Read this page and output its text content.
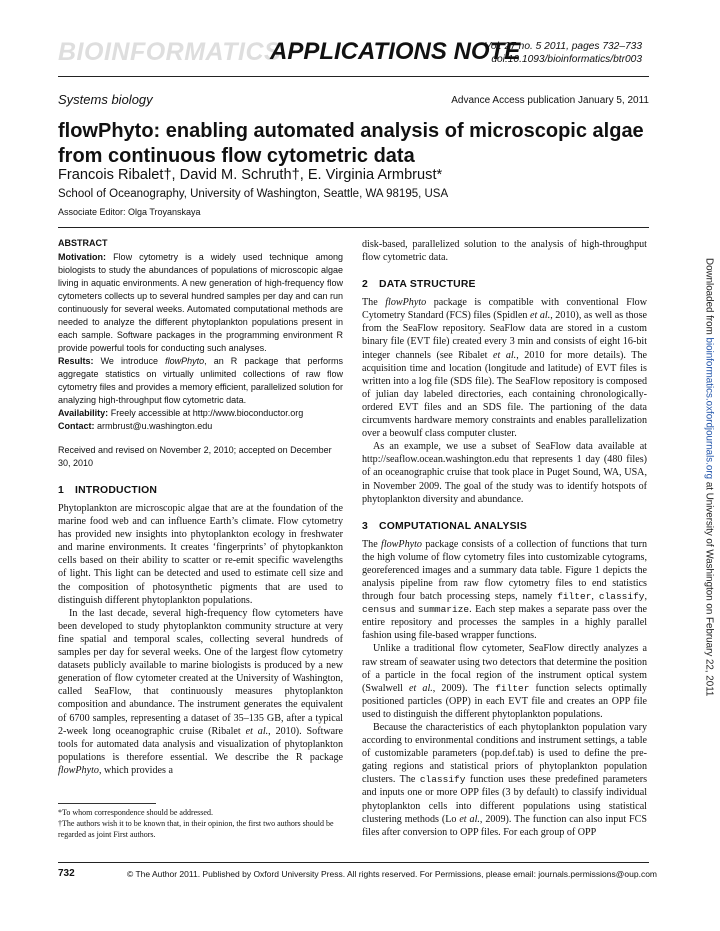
BIOINFORMATICS
APPLICATIONS NOTE
Vol. 27 no. 5 2011, pages 732–733
doi:10.1093/bioinformatics/btr003
Systems biology	Advance Access publication January 5, 2011
flowPhyto: enabling automated analysis of microscopic algae from continuous flow cytometric data
Francois Ribalet†, David M. Schruth†, E. Virginia Armbrust*
School of Oceanography, University of Washington, Seattle, WA 98195, USA
Associate Editor: Olga Troyanskaya
ABSTRACT

Motivation: Flow cytometry is a widely used technique among biologists to study the abundances of populations of microscopic algae living in aquatic environments. A new generation of high-frequency flow cytometers collects up to several hundred samples per day and can run continuously for several weeks. Automated computational methods are needed to analyze the different phytoplankton populations present in each sample. Software packages in the programming environment R provide powerful tools for conducting such analyses.

Results: We introduce flowPhyto, an R package that performs aggregate statistics on virtually unlimited collections of raw flow cytometry files and provides a memory efficient, parallelized solution for analyzing high-throughput flow cytometric data.

Availability: Freely accessible at http://www.bioconductor.org

Contact: armbrust@u.washington.edu

Received and revised on November 2, 2010; accepted on December 30, 2010
1 INTRODUCTION

Phytoplankton are microscopic algae that are at the foundation of the marine food web and can influence Earth’s climate. Flow cytometry has provided new insights into phytoplankton ecology in freshwater and marine environments. It creates ‘fingerprints’ of phytopkankton cells based on their ability to scatter or re-emit specific wavelengths of light. This light can be detected and used to estimate cell size and the composition of photosynthetic pigments that are used to distinguish different phytoplankton populations.

In the last decade, several high-frequency flow cytometers have been developed to study phytoplankton community structure at very fine spatial and temporal scales, collecting several hundreds of samples per day for several weeks. One of the largest flow cytometry datasets publicly available to marine biologists is produced by a new generation of flow cytometer created at the University of Washington, called SeaFlow, that continuously measures phytoplankton composition and abundance. The instrument generates the equivalent of 6700 samples, representing a dataset of 35–135 GB, after a typical 2-week long oceanographic cruise (Ribalet et al., 2010). Software tools for automated data analysis and visualization of phytoplankton populations is therefore essential. We describe the R package flowPhyto, which provides a

*To whom correspondence should be addressed.
†The authors wish it to be known that, in their opinion, the first two authors should be regarded as joint First authors.

disk-based, parallelized solution to the analysis of high-throughput flow cytometric data.

2 DATA STRUCTURE

The flowPhyto package is compatible with conventional Flow Cytometry Standard (FCS) files (Spidlen et al., 2010), as well as those from the SeaFlow repository. SeaFlow data are stored in a custom binary file (EVT file) created every 3 min and consists of eight 16-bit integer channels (see Ribalet et al., 2010 for more details). The acquisition time and location (longitude and latitude) of EVT files is written into a log file (SDS file). The SeaFlow repository is composed of julian day labeled directories, each containing chronologically-ordered EVT files and an SDS file. The partioning of the data circumvents hardware memory constraints and enables parallelization over a beowulf class computer cluster.

As an example, we use a subset of SeaFlow data available at http://seaflow.ocean.washington.edu that represents 1 day (480 files) of an oceanographic cruise that took place in Puget Sound, WA, USA, in November 2009. The goal of the study was to identify hotspots of phytoplankton diversity and abundance.

3 COMPUTATIONAL ANALYSIS

The flowPhyto package consists of a collection of functions that turn the high volume of flow cytometry files into customizable cytograms, georeferenced images and a summary data table. Figure 1 depicts the analysis pipeline from raw flow cytometry files to end statistics through four batch processing steps, namely filter, classify, census and summarize. Each step makes a separate pass over the entire repository and processes the samples in a highly parallel fashion using file-based wrapper functions.

Unlike a traditional flow cytometer, SeaFlow directly analyzes a raw stream of seawater using two detectors that determine the position of a particle in the focal region of the instrument optical system (Swalwell et al., 2009). The filter function selects optimally positioned particles (OPP) in each EVT file and creates an OPP file used to distinguish the different phytoplankton populations.

Because the characteristics of each phytoplankton population vary according to environmental conditions and instrument settings, a table of customizable parameters (pop.def.tab) is used to define the pre-gating regions and statistical priors of phytoplankton population clusters. The classify function uses these predefined parameters and inputs one or more OPP files (3 by default) to classify individual phytoplankton cells into different populations using statistical clustering methods (Lo et al., 2009). The function can also input FCS files after conversion to OPP files. For each group of OPP

732	© The Author 2011. Published by Oxford University Press. All rights reserved. For Permissions, please email: journals.permissions@oup.com
Downloaded from bioinformatics.oxfordjournals.org at University of Washington on February 22, 2011
